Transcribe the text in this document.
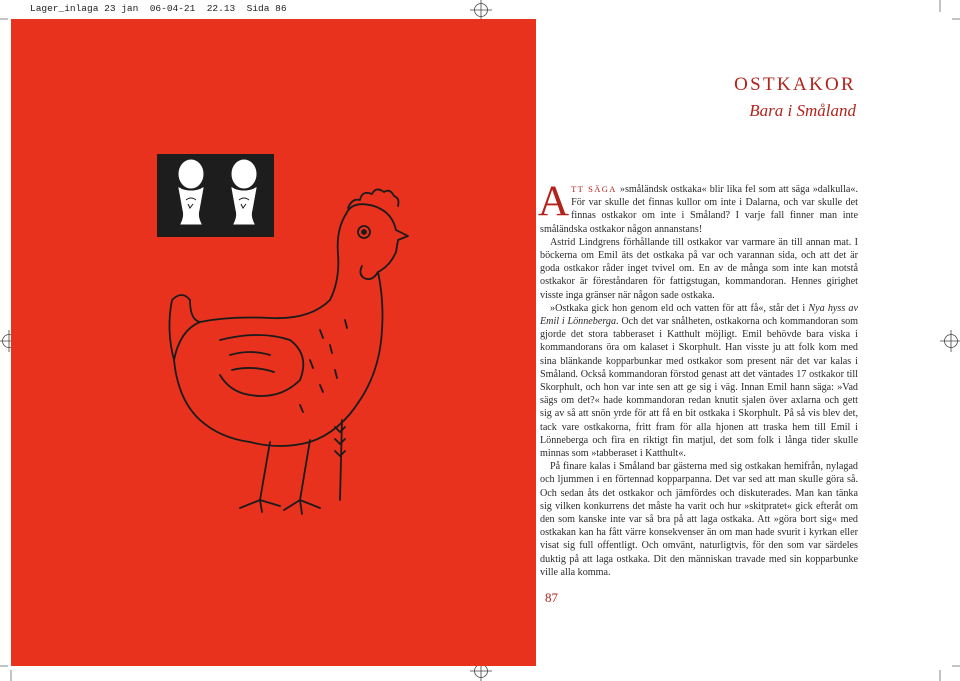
Lager_inlaga 23 jan  06-04-21  22.13  Sida 86
OSTKAKOR
Bara i Småland

ATT SÄGA »småländsk ostkaka« blir lika fel som att säga »dalkulla«. För var skulle det finnas kullor om inte i Dalarna, och var skulle det finnas ostkakor om inte i Småland? I varje fall finner man inte småländska ostkakor någon annanstans!

Astrid Lindgrens förhållande till ostkakor var varmare än till annan mat. I böckerna om Emil äts det ostkaka på var och varannan sida, och att det är goda ostkakor råder inget tvivel om. En av de många som inte kan motstå ostkakor är föreståndaren för fattigstugan, kommandoran. Hennes girighet visste inga gränser när någon sade ostkaka.

»Ostkaka gick hon genom eld och vatten för att få«, står det i Nya hyss av Emil i Lönneberga. Och det var snålheten, ostkakorna och kommandoran som gjorde det stora tabberaset i Katthult möjligt. Emil behövde bara viska i kommandorans öra om kalaset i Skorphult. Han visste ju att folk kom med sina blänkande kopparbunkar med ostkakor som present när det var kalas i Småland. Också kommandoran förstod genast att det väntades 17 ostkakor till Skorphult, och hon var inte sen att ge sig i väg. Innan Emil hann säga: »Vad sägs om det?« hade kommandoran redan knutit sjalen över axlarna och gett sig av så att snön yrde för att få en bit ostkaka i Skorphult. På så vis blev det, tack vare ostkakorna, fritt fram för alla hjonen att traska hem till Emil i Lönneberga och fira en riktigt fin matjul, det som folk i långa tider skulle minnas som »tabberaset i Katthult«.

På finare kalas i Småland bar gästerna med sig ostkakan hemifrån, nylagad och ljummen i en förtennad kopparpanna. Det var sed att man skulle göra så. Och sedan åts det ostkakor och jämfördes och diskuterades. Man kan tänka sig vilken konkurrens det måste ha varit och hur »skitpratet« gick efteråt om den som kanske inte var så bra på att laga ostkaka. Att »göra bort sig« med ostkakan kan ha fått värre konsekvenser än om man hade svurit i kyrkan eller visat sig full offentligt. Och omvänt, naturligtvis, för den som var särdeles duktig på att laga ostkaka. Dit den människan travade med sin kopparbunke ville alla komma.

87
